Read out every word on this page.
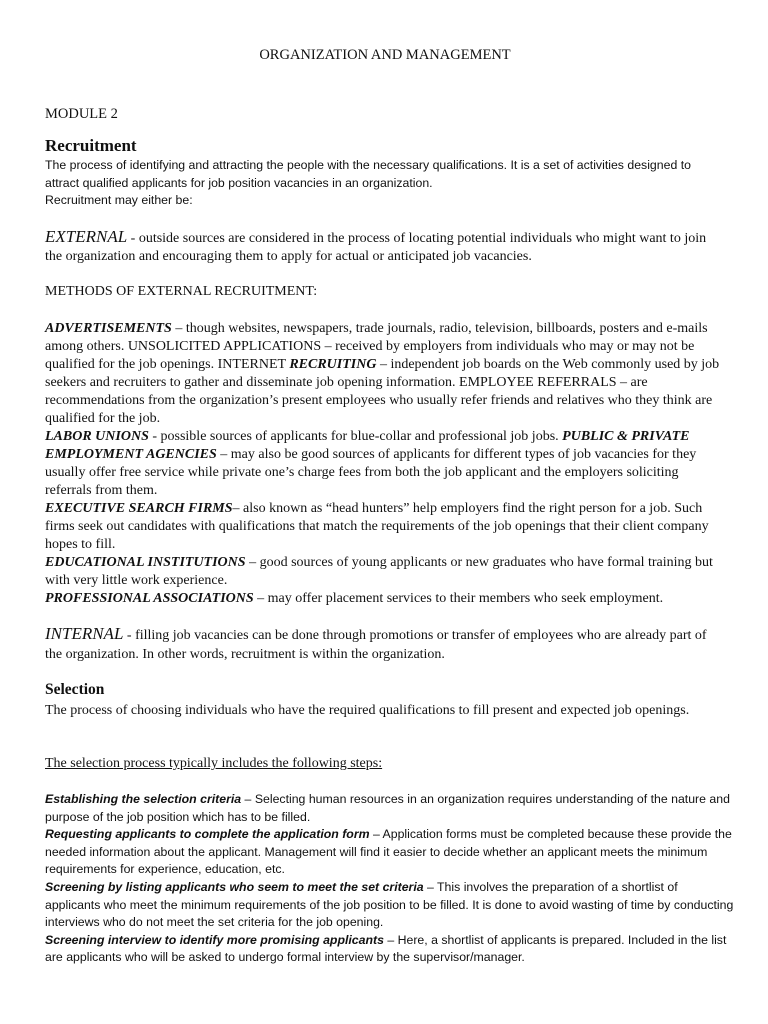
ORGANIZATION AND MANAGEMENT
MODULE 2
Recruitment
The process of identifying and attracting the people with the necessary qualifications. It is a set of activities designed to attract qualified applicants for job position vacancies in an organization.
Recruitment may either be:
EXTERNAL - outside sources are considered in the process of locating potential individuals who might want to join the organization and encouraging them to apply for actual or anticipated job vacancies.
METHODS OF EXTERNAL RECRUITMENT:

ADVERTISEMENTS – though websites, newspapers, trade journals, radio, television, billboards, posters and e-mails among others. UNSOLICITED APPLICATIONS – received by employers from individuals who may or may not be qualified for the job openings. INTERNET RECRUITING – independent job boards on the Web commonly used by job seekers and recruiters to gather and disseminate job opening information. EMPLOYEE REFERRALS – are recommendations from the organization’s present employees who usually refer friends and relatives who they think are qualified for the job.

LABOR UNIONS - possible sources of applicants for blue-collar and professional job jobs. PUBLIC & PRIVATE EMPLOYMENT AGENCIES – may also be good sources of applicants for different types of job vacancies for they usually offer free service while private one’s charge fees from both the job applicant and the employers soliciting referrals from them.

EXECUTIVE SEARCH FIRMS– also known as “head hunters” help employers find the right person for a job. Such firms seek out candidates with qualifications that match the requirements of the job openings that their client company hopes to fill.

EDUCATIONAL INSTITUTIONS – good sources of young applicants or new graduates who have formal training but with very little work experience.

PROFESSIONAL ASSOCIATIONS – may offer placement services to their members who seek employment.

INTERNAL - filling job vacancies can be done through promotions or transfer of employees who are already part of the organization. In other words, recruitment is within the organization.
Selection
The process of choosing individuals who have the required qualifications to fill present and expected job openings.
The selection process typically includes the following steps:

Establishing the selection criteria – Selecting human resources in an organization requires understanding of the nature and purpose of the job position which has to be filled.

Requesting applicants to complete the application form – Application forms must be completed because these provide the needed information about the applicant. Management will find it easier to decide whether an applicant meets the minimum requirements for experience, education, etc.

Screening by listing applicants who seem to meet the set criteria – This involves the preparation of a shortlist of applicants who meet the minimum requirements of the job position to be filled. It is done to avoid wasting of time by conducting interviews who do not meet the set criteria for the job opening.

Screening interview to identify more promising applicants – Here, a shortlist of applicants is prepared. Included in the list are applicants who will be asked to undergo formal interview by the supervisor/manager.
